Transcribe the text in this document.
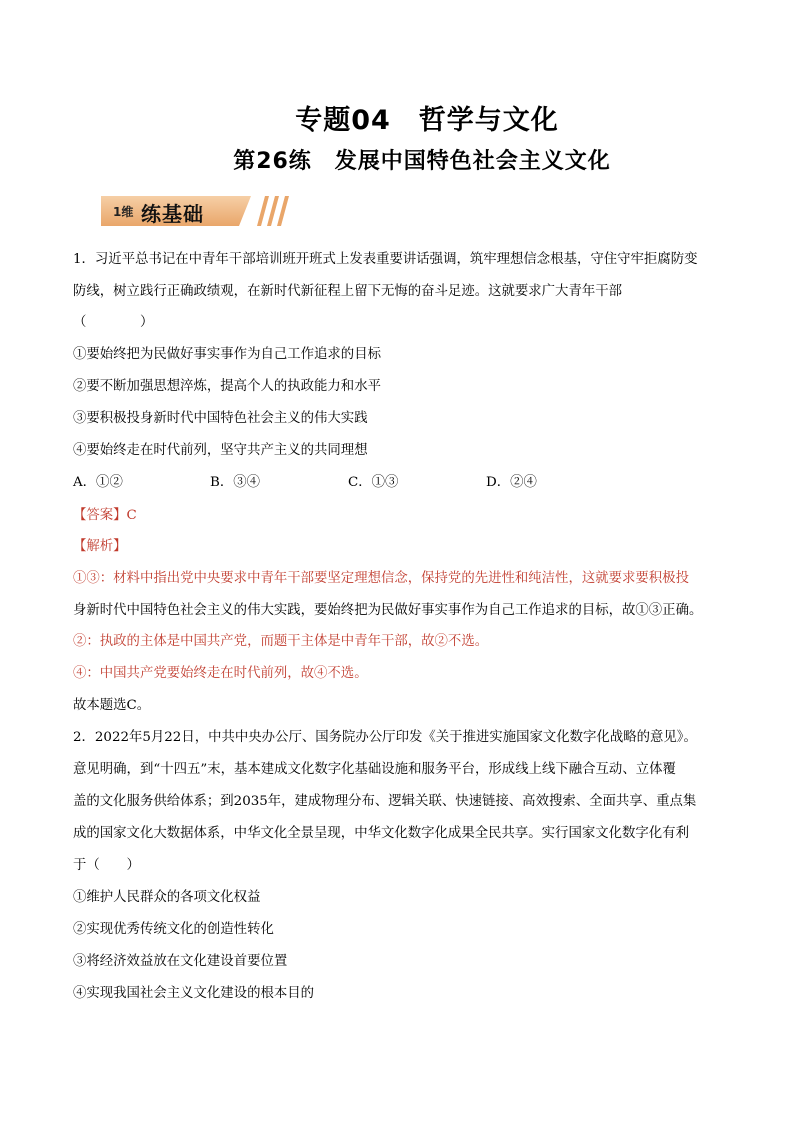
专题04　哲学与文化
第26练　发展中国特色社会主义文化
1维 练基础
1．习近平总书记在中青年干部培训班开班式上发表重要讲话强调，筑牢理想信念根基，守住守牢拒腐防变
防线，树立践行正确政绩观，在新时代新征程上留下无悔的奋斗足迹。这就要求广大青年干部
（　　　　）
①要始终把为民做好事实事作为自己工作追求的目标
②要不断加强思想淬炼，提高个人的执政能力和水平
③要积极投身新时代中国特色社会主义的伟大实践
④要始终走在时代前列，坚守共产主义的共同理想
A．①②	B．③④	C．①③	D．②④
【答案】C
【解析】
①③：材料中指出党中央要求中青年干部要坚定理想信念，保持党的先进性和纯洁性，这就要求要积极投
身新时代中国特色社会主义的伟大实践，要始终把为民做好事实事作为自己工作追求的目标，故①③正确。
②：执政的主体是中国共产党，而题干主体是中青年干部，故②不选。
④：中国共产党要始终走在时代前列，故④不选。
故本题选C。
2．2022年5月22日，中共中央办公厅、国务院办公厅印发《关于推进实施国家文化数字化战略的意见》。
意见明确，到“十四五”末，基本建成文化数字化基础设施和服务平台，形成线上线下融合互动、立体覆
盖的文化服务供给体系；到2035年，建成物理分布、逻辑关联、快速链接、高效搜索、全面共享、重点集
成的国家文化大数据体系，中华文化全景呈现，中华文化数字化成果全民共享。实行国家文化数字化有利
于（　　）
①维护人民群众的各项文化权益
②实现优秀传统文化的创造性转化
③将经济效益放在文化建设首要位置
④实现我国社会主义文化建设的根本目的
